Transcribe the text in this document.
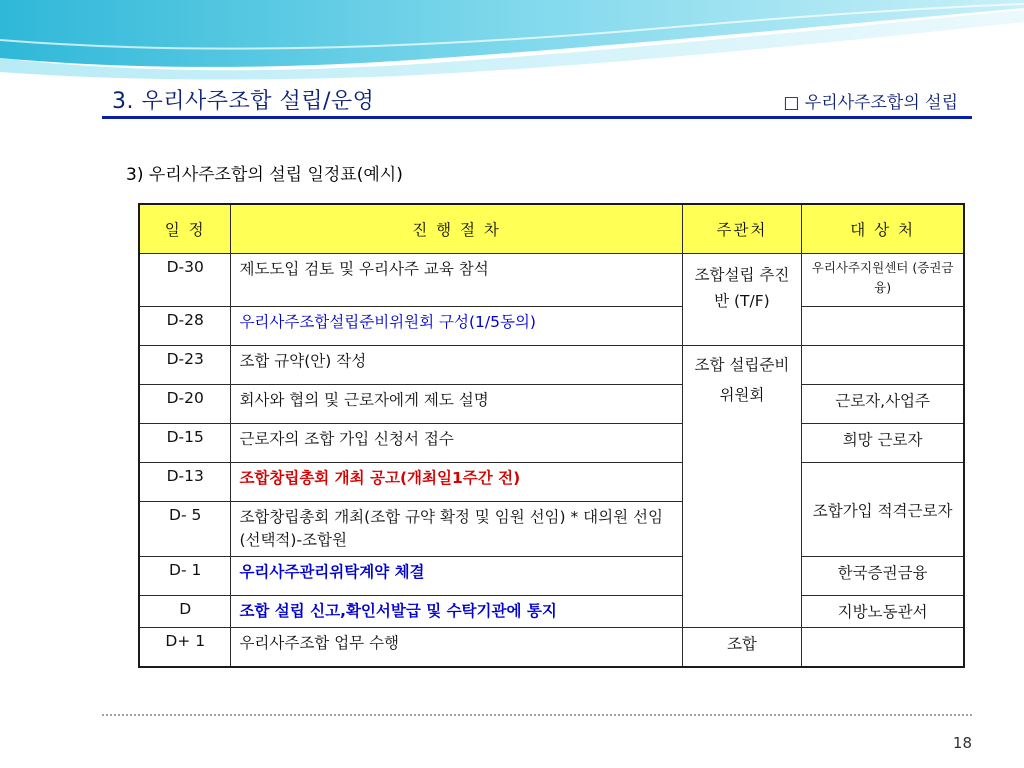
3. 우리사주조합 설립/운영	□ 우리사주조합의 설립
3) 우리사주조합의 설립 일정표(예시)
일 정	진 행 절 차	주관처	대 상 처
D-30	제도도입 검토 및 우리사주 교육 참석	조합설립 추진반 (T/F)	우리사주지원센터 (증권금융)
D-28	우리사주조합설립준비위원회 구성(1/5동의)		
D-23	조합 규약(안) 작성	조합 설립준비 위원회	
D-20	회사와 협의 및 근로자에게 제도 설명		근로자,사업주
D-15	근로자의 조합 가입 신청서 접수		희망 근로자
D-13	조합창립총회 개최 공고(개최일1주간 전)		조합가입 적격근로자
D- 5	조합창립총회 개최(조합 규약 확정 및 임원 선임) * 대의원 선임(선택적)-조합원		
D- 1	우리사주관리위탁계약 체결		한국증권금융
D	조합 설립 신고,확인서발급 및 수탁기관에 통지		지방노동관서
D+ 1	우리사주조합 업무 수행	조합	
18
